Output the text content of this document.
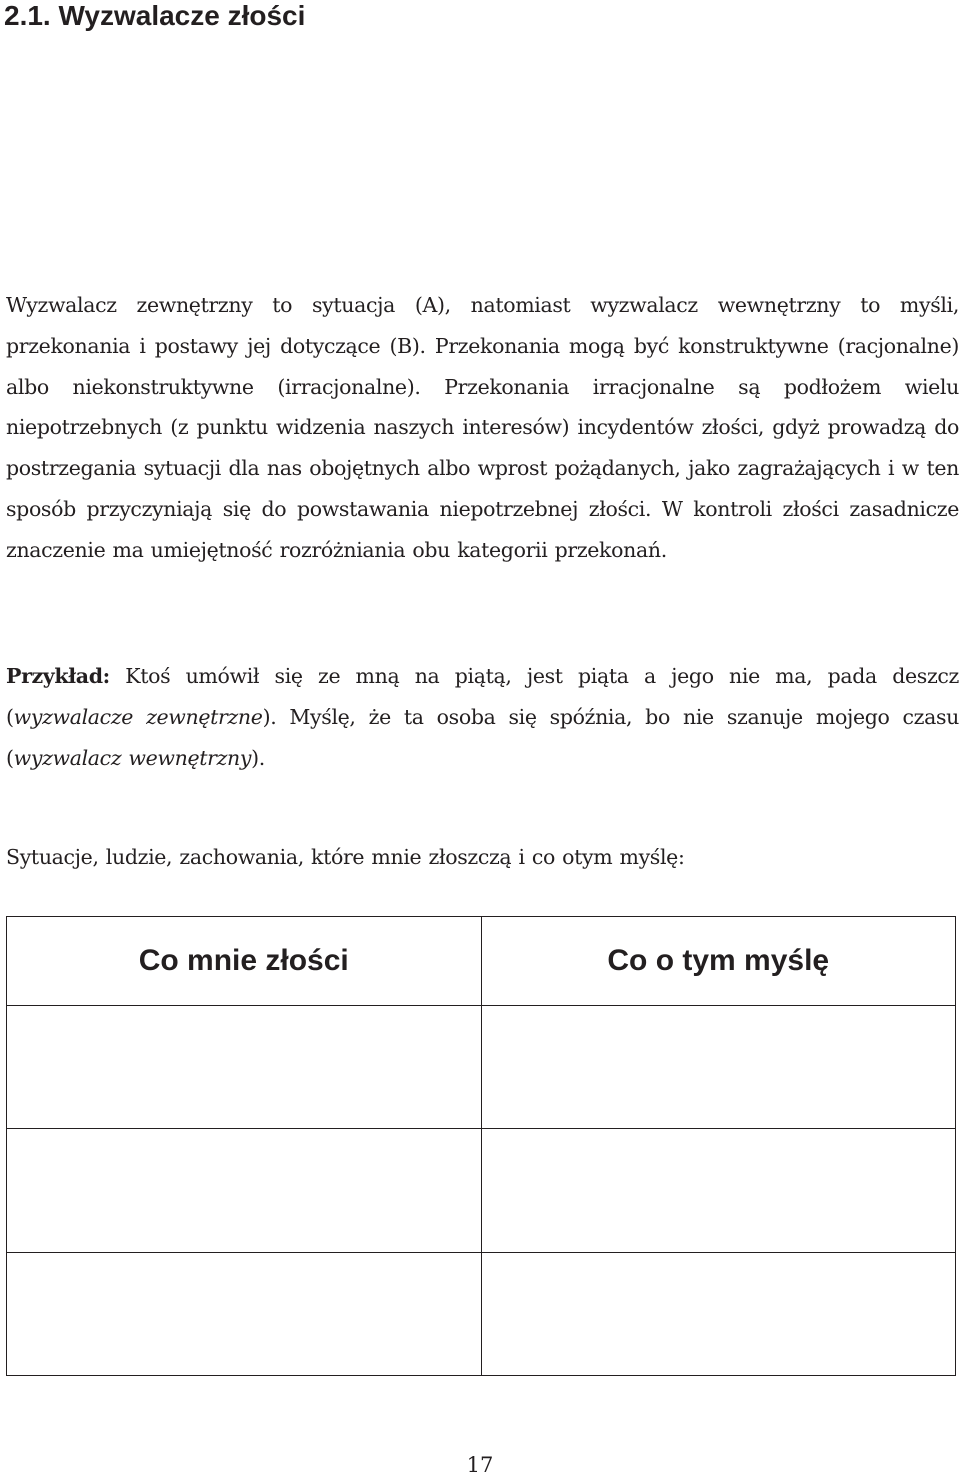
2.1. Wyzwalacze złości

Wyzwalacz zewnętrzny to sytuacja (A), natomiast wyzwalacz wewnętrzny to myśli, przekonania i postawy jej dotyczące (B). Przekonania mogą być konstruktywne (racjonalne) albo niekonstruktywne (irracjonalne). Przekonania irracjonalne są podłożem wielu niepotrzebnych (z punktu widzenia naszych interesów) incydentów złości, gdyż prowadzą do postrzegania sytuacji dla nas obojętnych albo wprost pożądanych, jako zagrażających i w ten sposób przyczyniają się do powstawania niepotrzebnej złości. W kontroli złości zasadnicze znaczenie ma umiejętność rozróżniania obu kategorii przekonań.

Przykład: Ktoś umówił się ze mną na piątą, jest piąta a jego nie ma, pada deszcz (wyzwalacze zewnętrzne). Myślę, że ta osoba się spóźnia, bo nie szanuje mojego czasu (wyzwalacz wewnętrzny).

Sytuacje, ludzie, zachowania, które mnie złoszczą i co otym myślę:

Co mnie złości	Co o tym myślę

17
